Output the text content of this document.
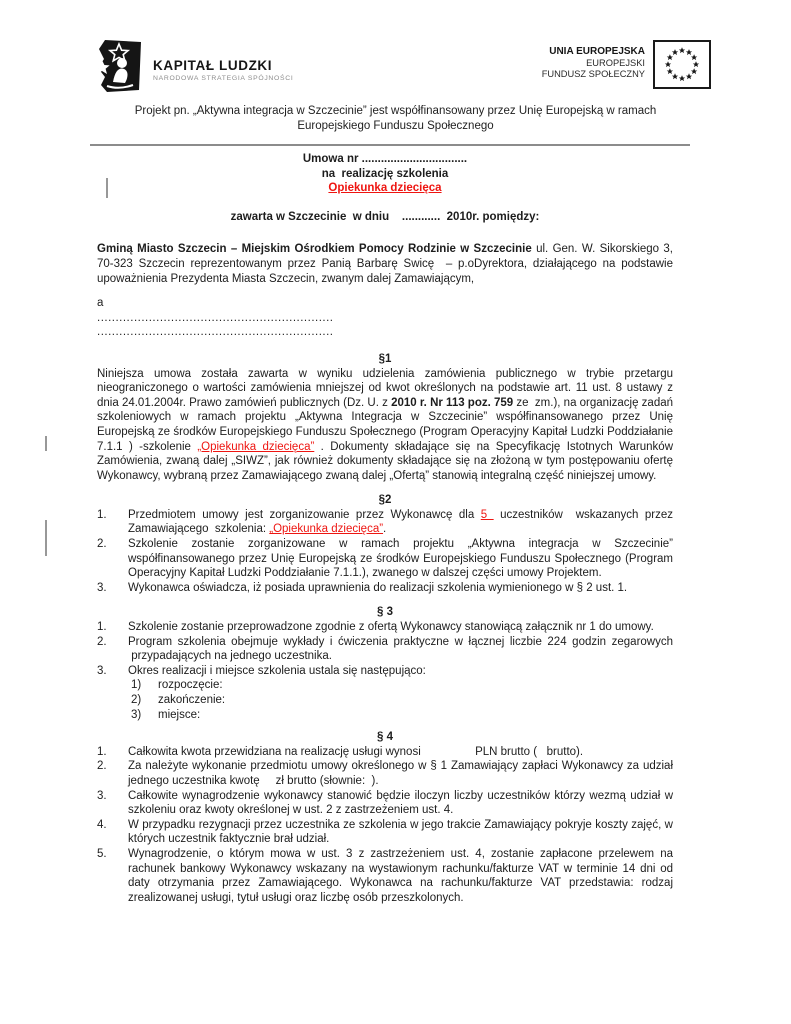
KAPITAŁ LUDZKI
NARODOWA STRATEGIA SPÓJNOŚCI
UNIA EUROPEJSKA
EUROPEJSKI
FUNDUSZ SPOŁECZNY
Projekt pn. „Aktywna integracja w Szczecinie” jest współfinansowany przez Unię Europejską w ramach
Europejskiego Funduszu Społecznego
Umowa nr .................................
na  realizację szkolenia
Opiekunka dziecięca
zawarta w Szczecinie  w dniu    ............  2010r. pomiędzy:

Gminą Miasto Szczecin – Miejskim Ośrodkiem Pomocy Rodzinie w Szczecinie ul. Gen. W. Sikorskiego 3, 70-323 Szczecin reprezentowanym przez Panią Barbarę Swicę  – p.oDyrektora, działającego na podstawie upoważnienia Prezydenta Miasta Szczecin, zwanym dalej Zamawiającym,

a
................................................................
................................................................
§1

Niniejsza umowa została zawarta w wyniku udzielenia zamówienia publicznego w trybie przetargu nieograniczonego o wartości zamówienia mniejszej od kwot określonych na podstawie art. 11 ust. 8 ustawy z dnia 24.01.2004r. Prawo zamówień publicznych (Dz. U. z 2010 r. Nr 113 poz. 759 ze  zm.), na organizację zadań szkoleniowych w ramach projektu „Aktywna Integracja w Szczecinie” współfinansowanego przez Unię Europejską ze środków Europejskiego Funduszu Społecznego (Program Operacyjny Kapitał Ludzki Poddziałanie 7.1.1 ) -szkolenie „Opiekunka dziecięca” . Dokumenty składające się na Specyfikację Istotnych Warunków Zamówienia, zwaną dalej „SIWZ”, jak również dokumenty składające się na złożoną w tym postępowaniu ofertę Wykonawcy, wybraną przez Zamawiającego zwaną dalej „Ofertą” stanowią integralną część niniejszej umowy.

§2
1.	Przedmiotem umowy jest zorganizowanie przez Wykonawcę dla 5  uczestników  wskazanych przez Zamawiającego  szkolenia: „Opiekunka dziecięca”.
2.	Szkolenie zostanie zorganizowane w ramach projektu „Aktywna integracja w Szczecinie” współfinansowanego przez Unię Europejską ze środków Europejskiego Funduszu Społecznego (Program Operacyjny Kapitał Ludzki Poddziałanie 7.1.1.), zwanego w dalszej części umowy Projektem.
3.	Wykonawca oświadcza, iż posiada uprawnienia do realizacji szkolenia wymienionego w § 2 ust. 1.
§ 3
1.	Szkolenie zostanie przeprowadzone zgodnie z ofertą Wykonawcy stanowiącą załącznik nr 1 do umowy.
2.	Program szkolenia obejmuje wykłady i ćwiczenia praktyczne w łącznej liczbie 224 godzin zegarowych  przypadających na jednego uczestnika.
3.	Okres realizacji i miejsce szkolenia ustala się następująco:
1)	rozpoczęcie:
2)	zakończenie:
3)	miejsce:
§ 4
1.	Całkowita kwota przewidziana na realizację usługi wynosi                 PLN brutto (   brutto).
2.	Za należyte wykonanie przedmiotu umowy określonego w § 1 Zamawiający zapłaci Wykonawcy za udział jednego uczestnika kwotę     zł brutto (słownie:  ).
3.	Całkowite wynagrodzenie wykonawcy stanowić będzie iloczyn liczby uczestników którzy wezmą udział w szkoleniu oraz kwoty określonej w ust. 2 z zastrzeżeniem ust. 4.
4.	W przypadku rezygnacji przez uczestnika ze szkolenia w jego trakcie Zamawiający pokryje koszty zajęć, w których uczestnik faktycznie brał udział.
5.	Wynagrodzenie, o którym mowa w ust. 3 z zastrzeżeniem ust. 4, zostanie zapłacone przelewem na rachunek bankowy Wykonawcy wskazany na wystawionym rachunku/fakturze VAT w terminie 14 dni od daty otrzymania przez Zamawiającego. Wykonawca na rachunku/fakturze VAT przedstawia: rodzaj zrealizowanej usługi, tytuł usługi oraz liczbę osób przeszkolonych.
